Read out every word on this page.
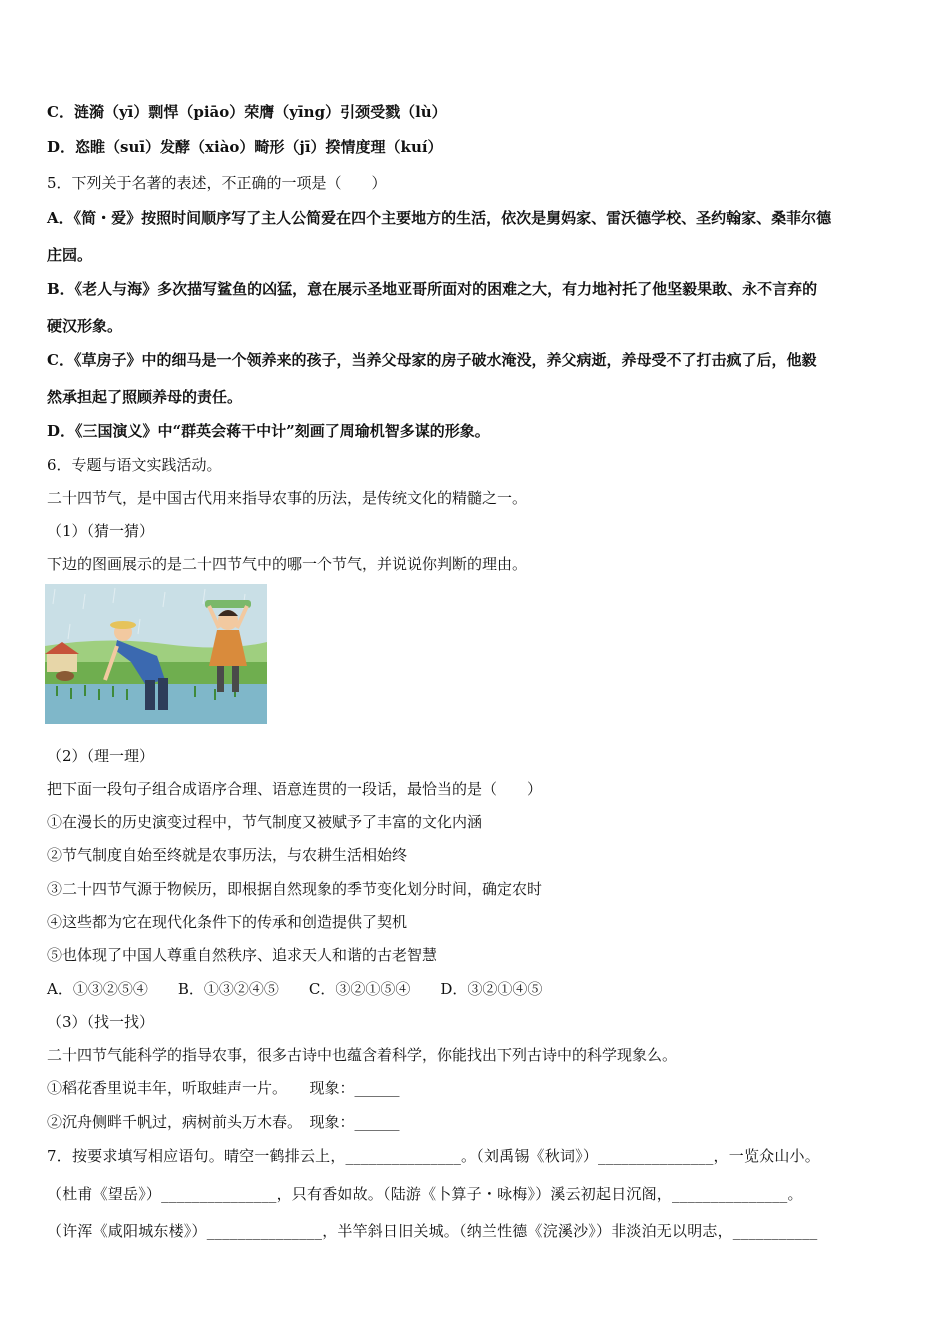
C．涟漪（yī）剽悍（piāo）荣膺（yīng）引颈受戮（lù）
D．恣睢（suī）发酵（xiào）畸形（jī）揆情度理（kuí）
5．下列关于名著的表述，不正确的一项是（　　）
A．《简・爱》按照时间顺序写了主人公简爱在四个主要地方的生活，依次是舅妈家、雷沃德学校、圣约翰家、桑菲尔德
庄园。
B．《老人与海》多次描写鲨鱼的凶猛，意在展示圣地亚哥所面对的困难之大，有力地衬托了他坚毅果敢、永不言弃的
硬汉形象。
C．《草房子》中的细马是一个领养来的孩子，当养父母家的房子破水淹没，养父病逝，养母受不了打击疯了后，他毅
然承担起了照顾养母的责任。
D．《三国演义》中“群英会蒋干中计”刻画了周瑜机智多谋的形象。
6．专题与语文实践活动。
二十四节气，是中国古代用来指导农事的历法，是传统文化的精髓之一。
（1）（猜一猜）
下边的图画展示的是二十四节气中的哪一个节气，并说说你判断的理由。
（2）（理一理）
把下面一段句子组合成语序合理、语意连贯的一段话，最恰当的是（　　）
①在漫长的历史演变过程中，节气制度又被赋予了丰富的文化内涵
②节气制度自始至终就是农事历法，与农耕生活相始终
③二十四节气源于物候历，即根据自然现象的季节变化划分时间，确定农时
④这些都为它在现代化条件下的传承和创造提供了契机
⑤也体现了中国人尊重自然秩序、追求天人和谐的古老智慧
A．①③②⑤④　　B．①③②④⑤　　C．③②①⑤④　　D．③②①④⑤
（3）（找一找）
二十四节气能科学的指导农事，很多古诗中也蕴含着科学，你能找出下列古诗中的科学现象么。
①稻花香里说丰年，听取蛙声一片。　　现象：______
②沉舟侧畔千帆过，病树前头万木春。　现象：______
7．按要求填写相应语句。晴空一鹤排云上，_______________。（刘禹锡《秋词》）_______________，一览众山小。
（杜甫《望岳》）_______________，只有香如故。（陆游《卜算子・咏梅》）溪云初起日沉阁，_______________。
（许浑《咸阳城东楼》）_______________，半竿斜日旧关城。（纳兰性德《浣溪沙》）非淡泊无以明志，___________
